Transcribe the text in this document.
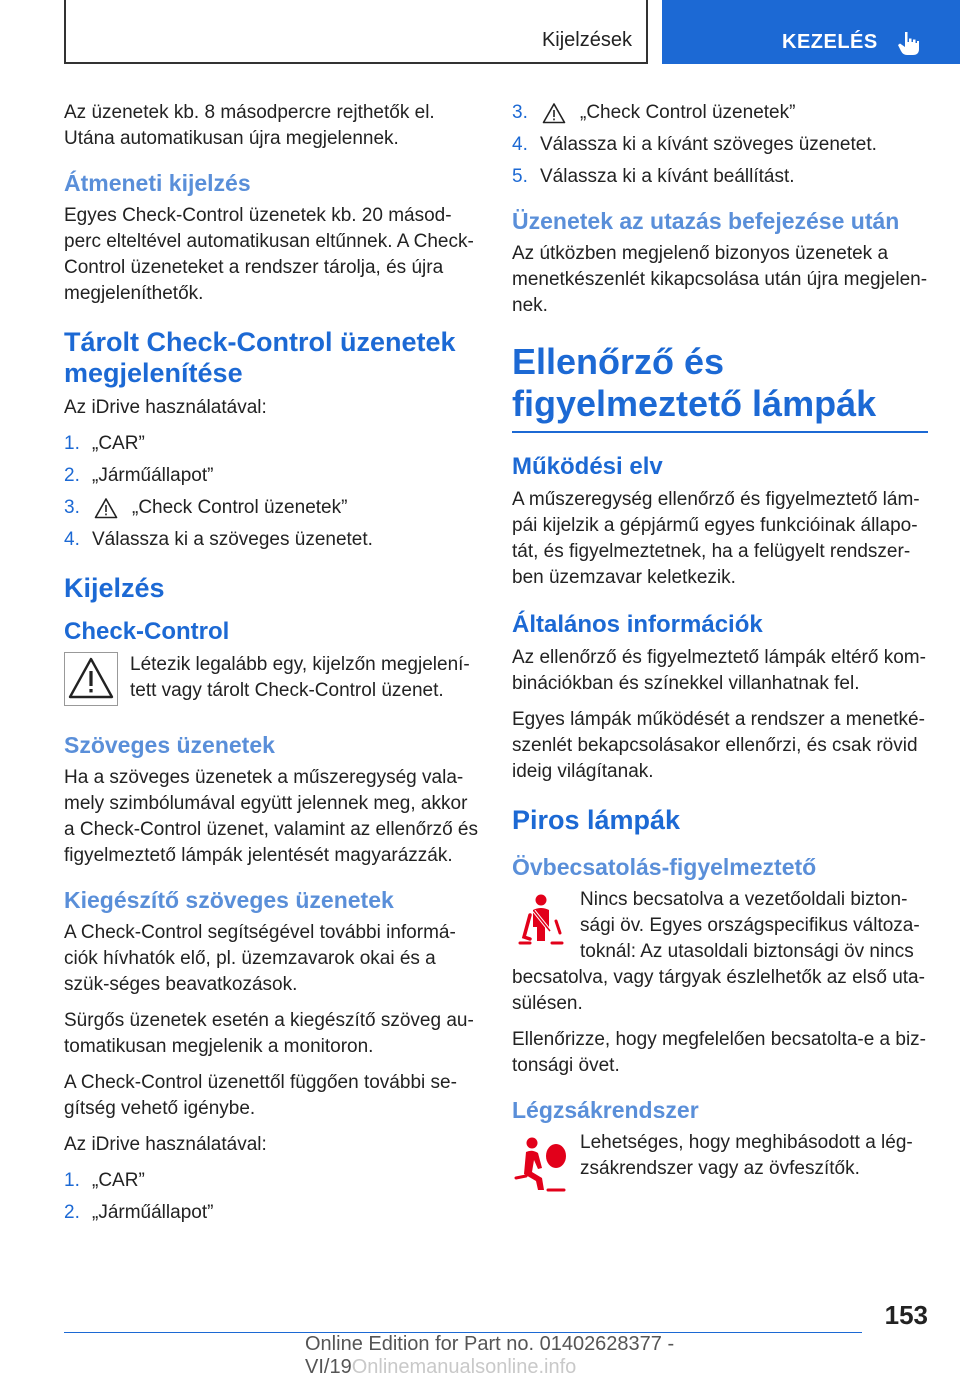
Kijelzések	KEZELÉS

Az üzenetek kb. 8 másodpercre rejthetők el. Utána automatikusan újra megjelennek.

Átmeneti kijelzés

Egyes Check-Control üzenetek kb. 20 másod-perc elteltével automatikusan eltűnnek. A Check-Control üzeneteket a rendszer tárolja, és újra megjeleníthetők.

Tárolt Check-Control üzenetek megjelenítése

Az iDrive használatával:

1. „CAR”
2. „Járműállapot”
3.	„Check Control üzenetek”
4. Válassza ki a szöveges üzenetet.
Kijelzés
Check-Control

Létezik legalább egy, kijelzőn megjelení-tett vagy tárolt Check-Control üzenet.

Szöveges üzenetek

Ha a szöveges üzenetek a műszeregység vala-mely szimbólumával együtt jelennek meg, akkor a Check-Control üzenet, valamint az ellenőrző és figyelmeztető lámpák jelentését magyarázzák.

Kiegészítő szöveges üzenetek

A Check-Control segítségével további informá-ciók hívhatók elő, pl. üzemzavarok okai és a szük-séges beavatkozások.

Sürgős üzenetek esetén a kiegészítő szöveg au-tomatikusan megjelenik a monitoron.

A Check-Control üzenettől függően további se-gítség vehető igénybe.

Az iDrive használatával:

1. „CAR”
2. „Járműállapot”
3.	„Check Control üzenetek”
4. Válassza ki a kívánt szöveges üzenetet.
5. Válassza ki a kívánt beállítást.
Üzenetek az utazás befejezése után

Az útközben megjelenő bizonyos üzenetek a menetkészenlét kikapcsolása után újra megjelen-nek.

Ellenőrző és figyelmeztető lámpák
Működési elv

A műszeregység ellenőrző és figyelmeztető lám-pái kijelzik a gépjármű egyes funkcióinak állapo-tát, és figyelmeztetnek, ha a felügyelt rendszer-ben üzemzavar keletkezik.

Általános információk

Az ellenőrző és figyelmeztető lámpák eltérő kom-binációkban és színekkel villanhatnak fel.

Egyes lámpák működését a rendszer a menetké-szenlét bekapcsolásakor ellenőrzi, és csak rövid ideig világítanak.

Piros lámpák
Övbecsatolás-figyelmeztető

Nincs becsatolva a vezetőoldali bizton-sági öv. Egyes országspecifikus változa-toknál: Az utasoldali biztonsági öv nincs becsatolva, vagy tárgyak észlelhetők az első uta-sülésen.

Ellenőrizze, hogy megfelelően becsatolta-e a biz-tonsági övet.

Légzsákrendszer

Lehetséges, hogy meghibásodott a lég-zsákrendszer vagy az övfeszítők.

153
Online Edition for Part no. 01402628377 - VI/19Onlinemanualsonline.info
